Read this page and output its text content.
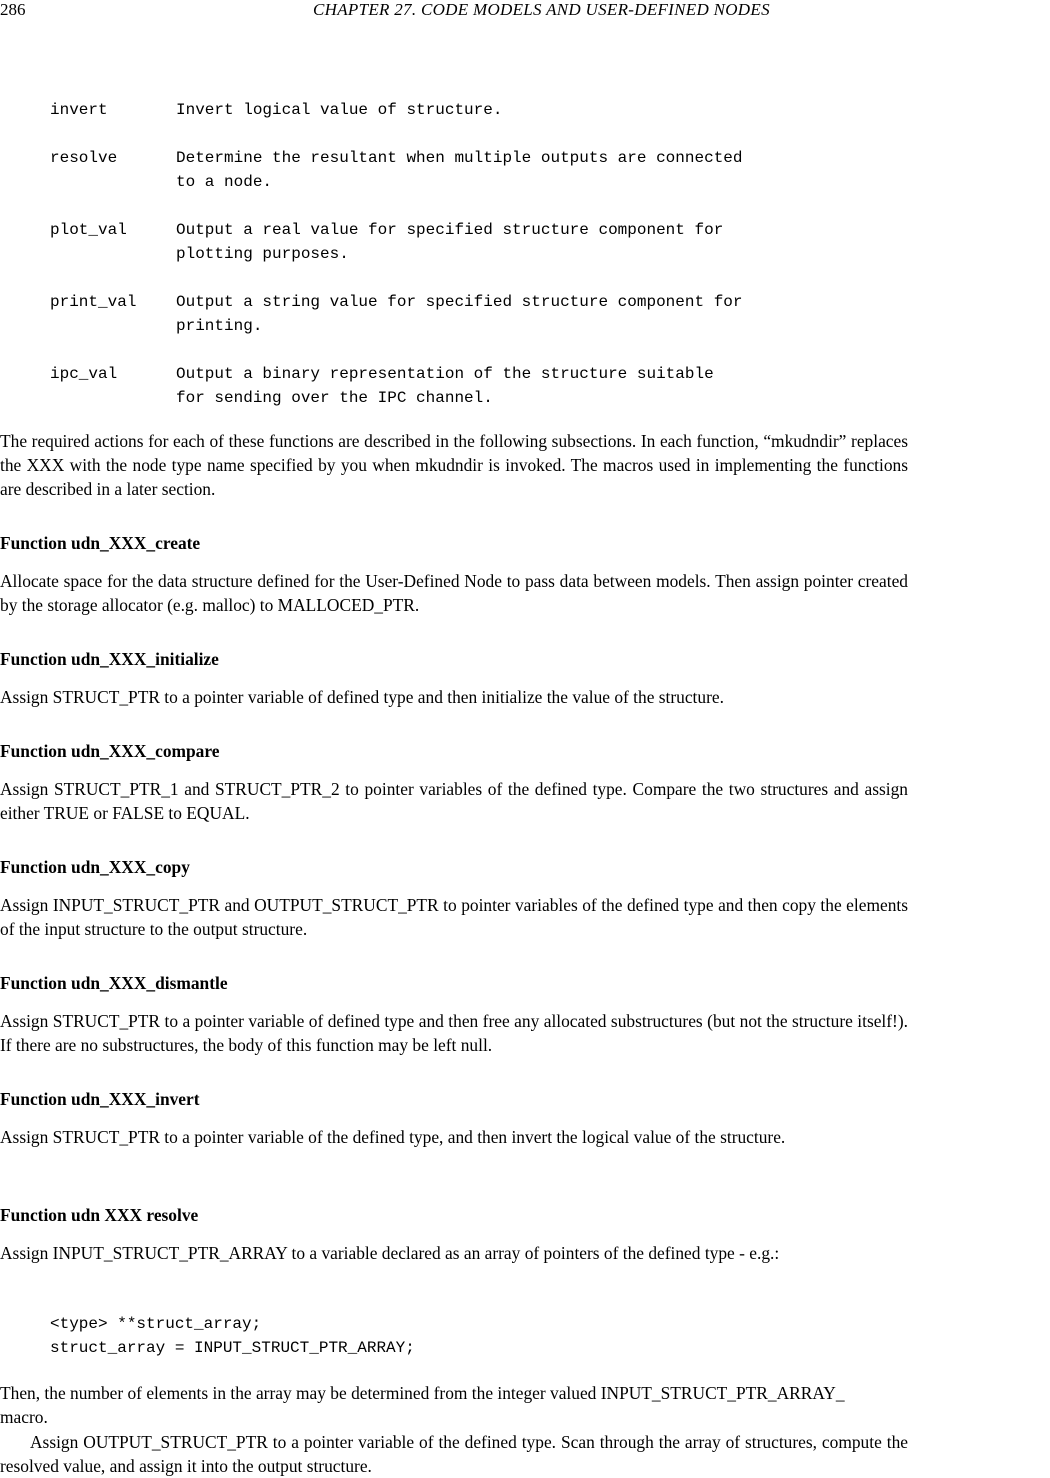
286	CHAPTER 27. CODE MODELS AND USER-DEFINED NODES
invert	Invert logical value of structure.
resolve	Determine the resultant when multiple outputs are connected
to a node.
plot_val	Output a real value for specified structure component for
plotting purposes.
print_val	Output a string value for specified structure component for
printing.
ipc_val	Output a binary representation of the structure suitable
for sending over the IPC channel.
The required actions for each of these functions are described in the following subsections. In each function, “mkudndir” replaces the XXX with the node type name specified by you when mkudndir is invoked. The macros used in implementing the functions are described in a later section.
Function udn_XXX_create
Allocate space for the data structure defined for the User-Defined Node to pass data between models. Then assign pointer created by the storage allocator (e.g. malloc) to MALLOCED_PTR.
Function udn_XXX_initialize
Assign STRUCT_PTR to a pointer variable of defined type and then initialize the value of the structure.
Function udn_XXX_compare
Assign STRUCT_PTR_1 and STRUCT_PTR_2 to pointer variables of the defined type. Compare the two structures and assign either TRUE or FALSE to EQUAL.
Function udn_XXX_copy
Assign INPUT_STRUCT_PTR and OUTPUT_STRUCT_PTR to pointer variables of the defined type and then copy the elements of the input structure to the output structure.
Function udn_XXX_dismantle
Assign STRUCT_PTR to a pointer variable of defined type and then free any allocated substructures (but not the structure itself!). If there are no substructures, the body of this function may be left null.
Function udn_XXX_invert
Assign STRUCT_PTR to a pointer variable of the defined type, and then invert the logical value of the structure.
Function udn XXX resolve
Assign INPUT_STRUCT_PTR_ARRAY to a variable declared as an array of pointers of the defined type - e.g.:
<type> **struct_array;
struct_array = INPUT_STRUCT_PTR_ARRAY;
Then, the number of elements in the array may be determined from the integer valued INPUT_STRUCT_PTR_ARRAY_
macro.
Assign OUTPUT_STRUCT_PTR to a pointer variable of the defined type. Scan through the array of structures, compute the resolved value, and assign it into the output structure.
